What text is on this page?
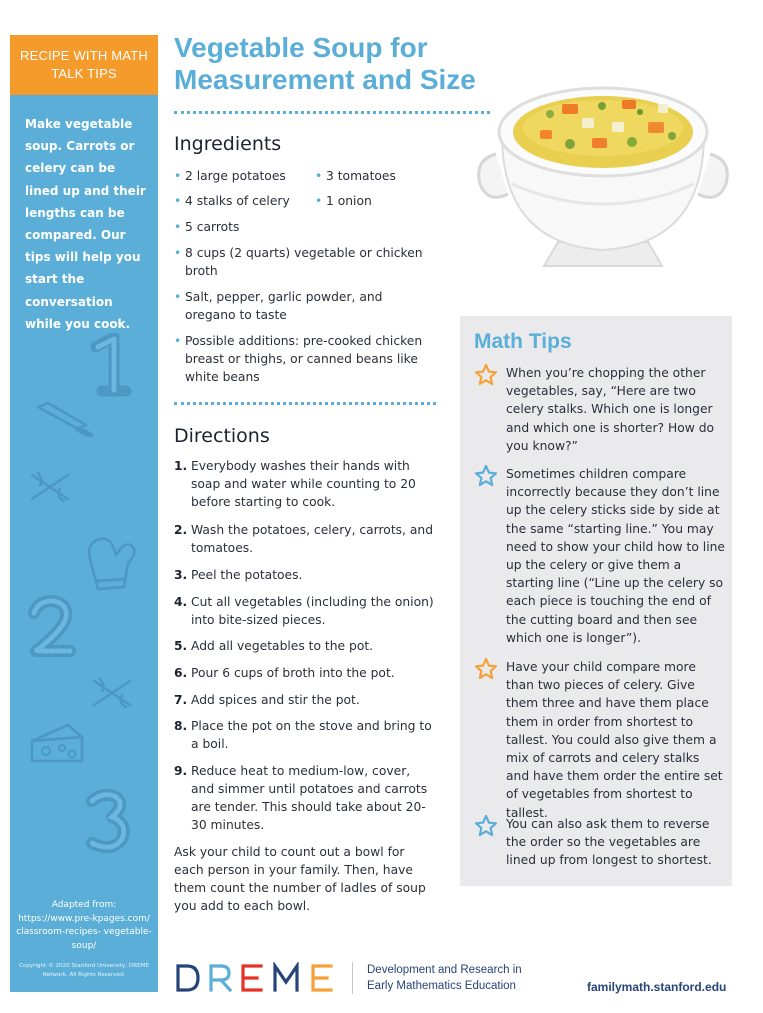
RECIPE WITH MATH TALK TIPS
Make vegetable soup. Carrots or celery can be lined up and their lengths can be compared. Our tips will help you start the conversation while you cook.
Adapted from: https://www.pre-kpages.com/ classroom-recipes- vegetable-soup/
Copyright © 2020 Stanford University, DREME Network. All Rights Reserved.
Vegetable Soup for
Measurement and Size
Ingredients
• 2 large potatoes	• 3 tomatoes
• 4 stalks of celery	• 1 onion
• 5 carrots
• 8 cups (2 quarts) vegetable or chicken broth
• Salt, pepper, garlic powder, and oregano to taste
• Possible additions: pre-cooked chicken breast or thighs, or canned beans like white beans
Directions
1. Everybody washes their hands with soap and water while counting to 20 before starting to cook.
2. Wash the potatoes, celery, carrots, and tomatoes.
3. Peel the potatoes.
4. Cut all vegetables (including the onion) into bite-sized pieces.
5. Add all vegetables to the pot.
6. Pour 6 cups of broth into the pot.
7. Add spices and stir the pot.
8. Place the pot on the stove and bring to a boil.
9. Reduce heat to medium-low, cover, and simmer until potatoes and carrots are tender. This should take about 20-30 minutes.
Ask your child to count out a bowl for each person in your family. Then, have them count the number of ladles of soup you add to each bowl.
Math Tips
When you’re chopping the other vegetables, say, “Here are two celery stalks. Which one is longer and which one is shorter? How do you know?”
Sometimes children compare incorrectly because they don’t line up the celery sticks side by side at the same “starting line.” You may need to show your child how to line up the celery or give them a starting line (“Line up the celery so each piece is touching the end of the cutting board and then see which one is longer”).
Have your child compare more than two pieces of celery. Give them three and have them place them in order from shortest to tallest. You could also give them a mix of carrots and celery stalks and have them order the entire set of vegetables from shortest to tallest.
You can also ask them to reverse the order so the vegetables are lined up from longest to shortest.
Development and Research in
Early Mathematics Education	familymath.stanford.edu
